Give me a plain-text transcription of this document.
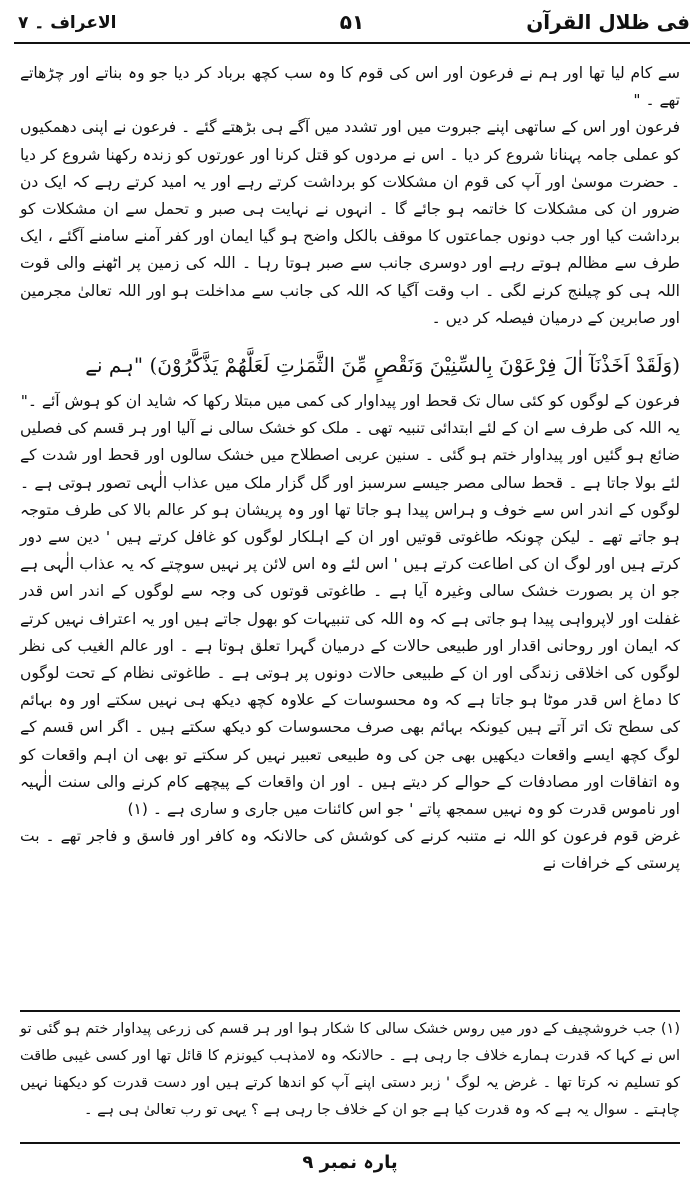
فی ظلال القرآن
۵۱
الاعراف ۔ ۷

سے کام لیا تھا اور ہم نے فرعون اور اس کی قوم کا وہ سب کچھ برباد کر دیا جو وہ بناتے اور چڑھاتے تھے ۔ "

فرعون اور اس کے ساتھی اپنے جبروت میں اور تشدد میں آگے ہی بڑھتے گئے ۔ فرعون نے اپنی دھمکیوں کو عملی جامہ پہنانا شروع کر دیا ۔ اس نے مردوں کو قتل کرنا اور عورتوں کو زندہ رکھنا شروع کر دیا ۔ حضرت موسیٰ اور آپ کی قوم ان مشکلات کو برداشت کرتے رہے اور یہ امید کرتے رہے کہ ایک دن ضرور ان کی مشکلات کا خاتمہ ہو جائے گا ۔ انہوں نے نہایت ہی صبر و تحمل سے ان مشکلات کو برداشت کیا اور جب دونوں جماعتوں کا موقف بالکل واضح ہو گیا ایمان اور کفر آمنے سامنے آگئے ، ایک طرف سے مظالم ہوتے رہے اور دوسری جانب سے صبر ہوتا رہا ۔ اللہ کی زمین پر اٹھنے والی قوت اللہ ہی کو چیلنج کرنے لگی ۔ اب وقت آگیا کہ اللہ کی جانب سے مداخلت ہو اور اللہ تعالیٰ مجرمین اور صابرین کے درمیان فیصلہ کر دیں ۔

(وَلَقَدْ اَخَذْنَآ اٰلَ فِرْعَوْنَ بِالسِّنِيْنَ وَنَقْصٍ مِّنَ الثَّمَرٰتِ لَعَلَّهُمْ يَذَّكَّرُوْنَ) "ہم نے

فرعون کے لوگوں کو کئی سال تک قحط اور پیداوار کی کمی میں مبتلا رکھا کہ شاید ان کو ہوش آئے ۔"

یہ اللہ کی طرف سے ان کے لئے ابتدائی تنبیہ تھی ۔ ملک کو خشک سالی نے آلیا اور ہر قسم کی فصلیں ضائع ہو گئیں اور پیداوار ختم ہو گئی ۔ سنین عربی اصطلاح میں خشک سالوں اور قحط اور شدت کے لئے بولا جاتا ہے ۔ قحط سالی مصر جیسے سرسبز اور گل گزار ملک میں عذاب الٰہی تصور ہوتی ہے ۔ لوگوں کے اندر اس سے خوف و ہراس پیدا ہو جاتا تھا اور وہ پریشان ہو کر عالم بالا کی طرف متوجہ ہو جاتے تھے ۔ لیکن چونکہ طاغوتی قوتیں اور ان کے اہلکار لوگوں کو غافل کرتے ہیں ' دین سے دور کرتے ہیں اور لوگ ان کی اطاعت کرتے ہیں ' اس لئے وہ اس لائن پر نہیں سوچتے کہ یہ عذاب الٰہی ہے جو ان پر بصورت خشک سالی وغیرہ آیا ہے ۔ طاغوتی قوتوں کی وجہ سے لوگوں کے اندر اس قدر غفلت اور لاپرواہی پیدا ہو جاتی ہے کہ وہ اللہ کی تنبیہات کو بھول جاتے ہیں اور یہ اعتراف نہیں کرتے کہ ایمان اور روحانی اقدار اور طبیعی حالات کے درمیان گہرا تعلق ہوتا ہے ۔ اور عالم الغیب کی نظر لوگوں کی اخلاقی زندگی اور ان کے طبیعی حالات دونوں پر ہوتی ہے ۔ طاغوتی نظام کے تحت لوگوں کا دماغ اس قدر موٹا ہو جاتا ہے کہ وہ محسوسات کے علاوہ کچھ دیکھ ہی نہیں سکتے اور وہ بہائم کی سطح تک اتر آتے ہیں کیونکہ بہائم بھی صرف محسوسات کو دیکھ سکتے ہیں ۔ اگر اس قسم کے لوگ کچھ ایسے واقعات دیکھیں بھی جن کی وہ طبیعی تعبیر نہیں کر سکتے تو بھی ان اہم واقعات کو وہ اتفاقات اور مصادفات کے حوالے کر دیتے ہیں ۔ اور ان واقعات کے پیچھے کام کرنے والی سنت الٰہیہ اور ناموس قدرت کو وہ نہیں سمجھ پاتے ' جو اس کائنات میں جاری و ساری ہے ۔ (۱)

غرض قوم فرعون کو اللہ نے متنبہ کرنے کی کوشش کی حالانکہ وہ کافر اور فاسق و فاجر تھے ۔ بت پرستی کے خرافات نے

(۱) جب خروشچیف کے دور میں روس خشک سالی کا شکار ہوا اور ہر قسم کی زرعی پیداوار ختم ہو گئی تو اس نے کہا کہ قدرت ہمارے خلاف جا رہی ہے ۔ حالانکہ وہ لامذہب کیونزم کا قائل تھا اور کسی غیبی طاقت کو تسلیم نہ کرتا تھا ۔ غرض یہ لوگ ' زبر دستی اپنے آپ کو اندھا کرتے ہیں اور دست قدرت کو دیکھنا نہیں چاہتے ۔ سوال یہ ہے کہ وہ قدرت کیا ہے جو ان کے خلاف جا رہی ہے ؟ یہی تو رب تعالیٰ ہی ہے ۔

پارہ نمبر ۹
